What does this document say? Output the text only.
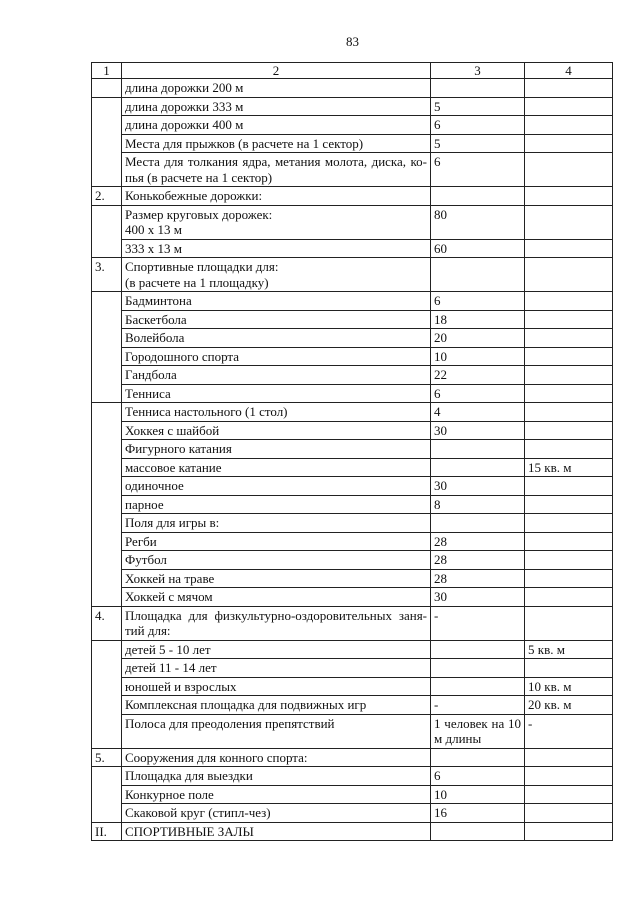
83
1	2	3	4

	длина дорожки 200 м		

	длина дорожки 333 м	5	

	длина дорожки 400 м	6	

	Места для прыжков (в расчете на 1 сектор)	5	

	Места для толкания ядра, метания молота, диска, ко-
пья (в расчете на 1 сектор)	6	

2.	Конькобежные дорожки:		

	Размер круговых дорожек:
400 х 13 м	80	

	333 х 13 м	60	

3.	Спортивные площадки для:
(в расчете на 1 площадку)		

	Бадминтона	6	

	Баскетбола	18	

	Волейбола	20	

	Городошного спорта	10	

	Гандбола	22	

	Тенниса	6	

	Тенниса настольного (1 стол)	4	

	Хоккея с шайбой	30	

	Фигурного катания		

	массовое катание		15 кв. м

	одиночное	30	

	парное	8	

	Поля для игры в:		

	Регби	28	

	Футбол	28	

	Хоккей на траве	28	

	Хоккей с мячом	30	

4.	Площадка для физкультурно-оздоровительных заня-
тий для:	-	

	детей 5 - 10 лет		5 кв. м

	детей 11 - 14 лет		

	юношей и взрослых		10 кв. м

	Комплексная площадка для подвижных игр	-	20 кв. м

	Полоса для преодоления препятствий	1 человек на 10
м длины	-

5.	Сооружения для конного спорта:		

	Площадка для выездки	6	

	Конкурное поле	10	

	Скаковой круг (стипл-чез)	16	

II.	СПОРТИВНЫЕ ЗАЛЫ		
